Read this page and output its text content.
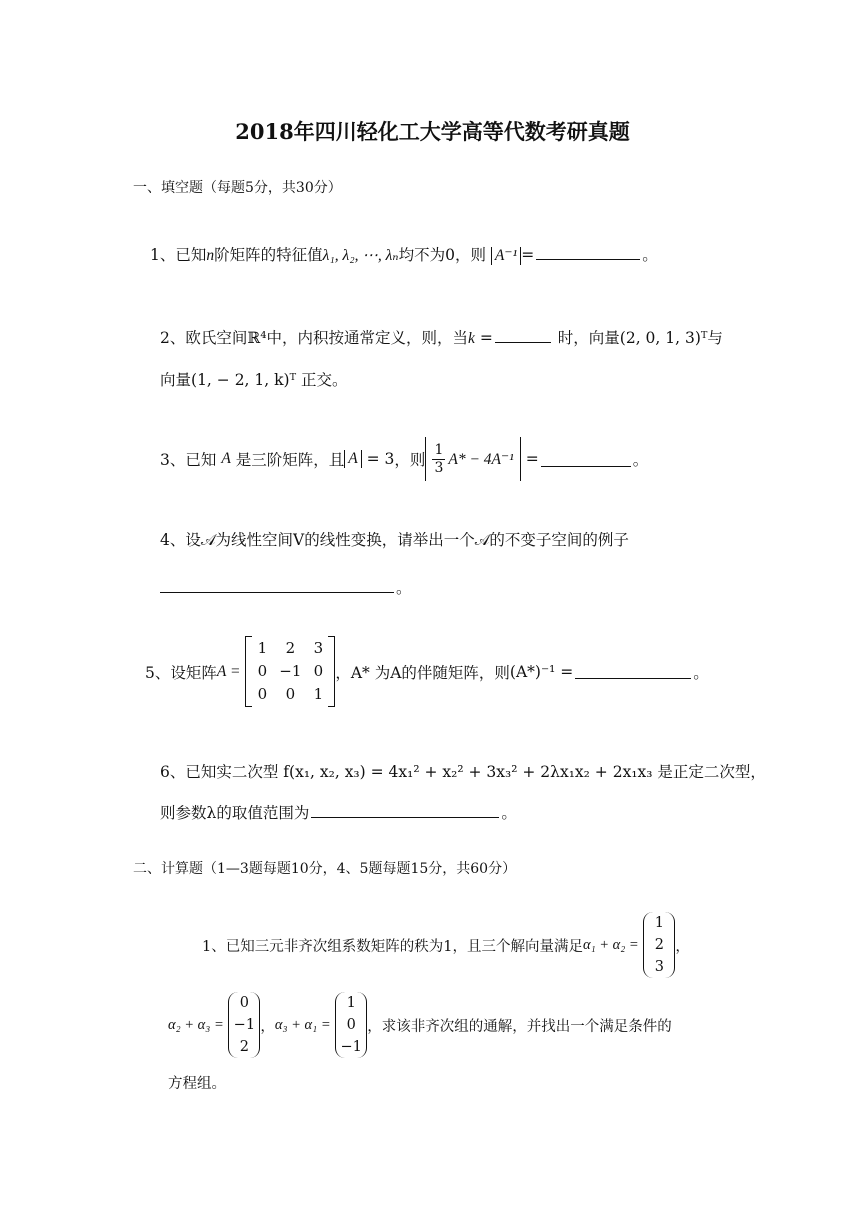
2018年四川轻化工大学高等代数考研真题
一、填空题（每题5分，共30分）
1、已知n阶矩阵的特征值λ₁, λ₂, ⋯, λₙ均不为0，则 A⁻¹ =	。
2、欧氏空间ℝ⁴中，内积按通常定义，则，当k =	时，向量(2, 0, 1, 3)ᵀ与
向量(1, − 2, 1, k)ᵀ 正交。
3、已知
A
是三阶矩阵，且 A
= 3 ，则 $\frac{1}{3} A* - 4A^{-1}$
=	。
4、设𝒜为线性空间V的线性变换，请举出一个𝒜的不变子空间的例子
。
5、设矩阵 A =

1	2	3
0 −1 0
0	0	1
，A* 为A的伴随矩阵，则 (A*)⁻¹ =	。
6、已知实二次型 f(x₁, x₂, x₃) = 4x₁² + x₂² + 3x₃² + 2λx₁x₂ + 2x₁x₃ 是正定二次型，
则参数λ的取值范围为	。
二、计算题（1—3题每题10分，4、5题每题15分，共60分）
1、已知三元非齐次组系数矩阵的秩为1，且三个解向量满足 α₁ + α₂ =

1
2
3
，
α₂ + α₃ =

0
−1
2
， α₃ + α₁ =

1
0
−1
，求该非齐次组的通解，并找出一个满足条件的
方程组。
